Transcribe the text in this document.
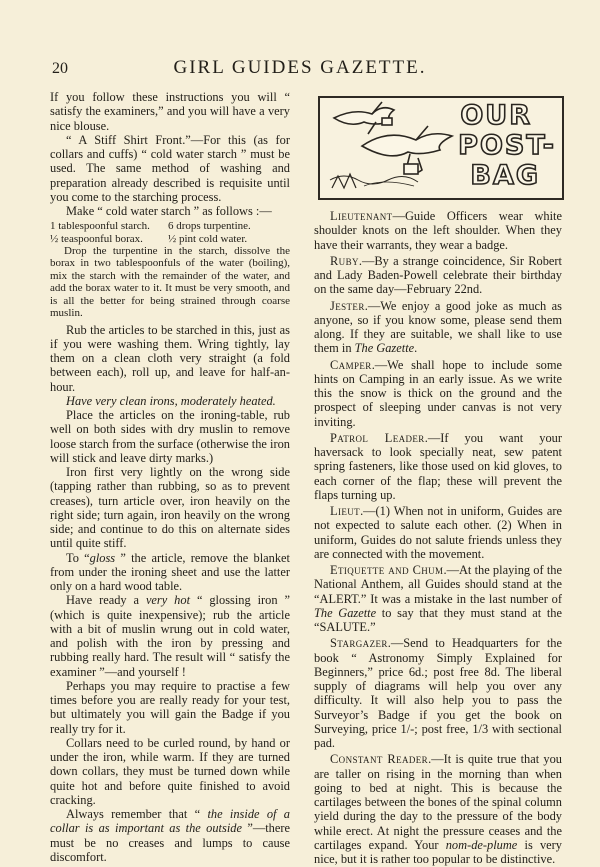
20	GIRL GUIDES GAZETTE.

If you follow these instructions you will “ satisfy the examiners,” and you will have a very nice blouse.

“ A Stiff Shirt Front.”—For this (as for collars and cuffs) “ cold water starch ” must be used. The same method of washing and preparation already described is requisite until you come to the starching process.

Make “ cold water starch ” as follows :—

1 tablespoonful starch.	6 drops turpentine.
½ teaspoonful borax.	½ pint cold water.

Drop the turpentine in the starch, dissolve the borax in two tablespoonfuls of the water (boiling), mix the starch with the remainder of the water, and add the borax water to it. It must be very smooth, and is all the better for being strained through coarse muslin.

Rub the articles to be starched in this, just as if you were washing them. Wring tightly, lay them on a clean cloth very straight (a fold between each), roll up, and leave for half-an-hour.

Have very clean irons, moderately heated.

Place the articles on the ironing-table, rub well on both sides with dry muslin to remove loose starch from the surface (otherwise the iron will stick and leave dirty marks.)

Iron first very lightly on the wrong side (tapping rather than rubbing, so as to prevent creases), turn article over, iron heavily on the right side; turn again, iron heavily on the wrong side; and continue to do this on alternate sides until quite stiff.

To “gloss ” the article, remove the blanket from under the ironing sheet and use the latter only on a hard wood table.

Have ready a very hot “ glossing iron ” (which is quite inexpensive); rub the article with a bit of muslin wrung out in cold water, and polish with the iron by pressing and rubbing really hard. The result will “ satisfy the examiner ”—and yourself !

Perhaps you may require to practise a few times before you are really ready for your test, but ultimately you will gain the Badge if you really try for it.

Collars need to be curled round, by hand or under the iron, while warm. If they are turned down collars, they must be turned down while quite hot and before quite finished to avoid cracking.

Always remember that “ the inside of a collar is as important as the outside ”—there must be no creases and lumps to cause discomfort.

OUR
POST-
BAG

Lieutenant—Guide Officers wear white shoulder knots on the left shoulder. When they have their warrants, they wear a badge.

Ruby.—By a strange coincidence, Sir Robert and Lady Baden-Powell celebrate their birthday on the same day—February 22nd.

Jester.—We enjoy a good joke as much as anyone, so if you know some, please send them along. If they are suitable, we shall like to use them in The Gazette.

Camper.—We shall hope to include some hints on Camping in an early issue. As we write this the snow is thick on the ground and the prospect of sleeping under canvas is not very inviting.

Patrol Leader.—If you want your haversack to look specially neat, sew patent spring fasteners, like those used on kid gloves, to each corner of the flap; these will prevent the flaps turning up.

Lieut.—(1) When not in uniform, Guides are not expected to salute each other. (2) When in uniform, Guides do not salute friends unless they are connected with the movement.

Etiquette and Chum.—At the playing of the National Anthem, all Guides should stand at the “ALERT.” It was a mistake in the last number of The Gazette to say that they must stand at the “SALUTE.”

Stargazer.—Send to Headquarters for the book “ Astronomy Simply Explained for Beginners,” price 6d.; post free 8d. The liberal supply of diagrams will help you over any difficulty. It will also help you to pass the Surveyor’s Badge if you get the book on Surveying, price 1/-; post free, 1/3 with sectional pad.

Constant Reader.—It is quite true that you are taller on rising in the morning than when going to bed at night. This is because the cartilages between the bones of the spinal column yield during the day to the pressure of the body while erect. At night the pressure ceases and the cartilages expand. Your nom-de-plume is very nice, but it is rather too popular to be distinctive.
